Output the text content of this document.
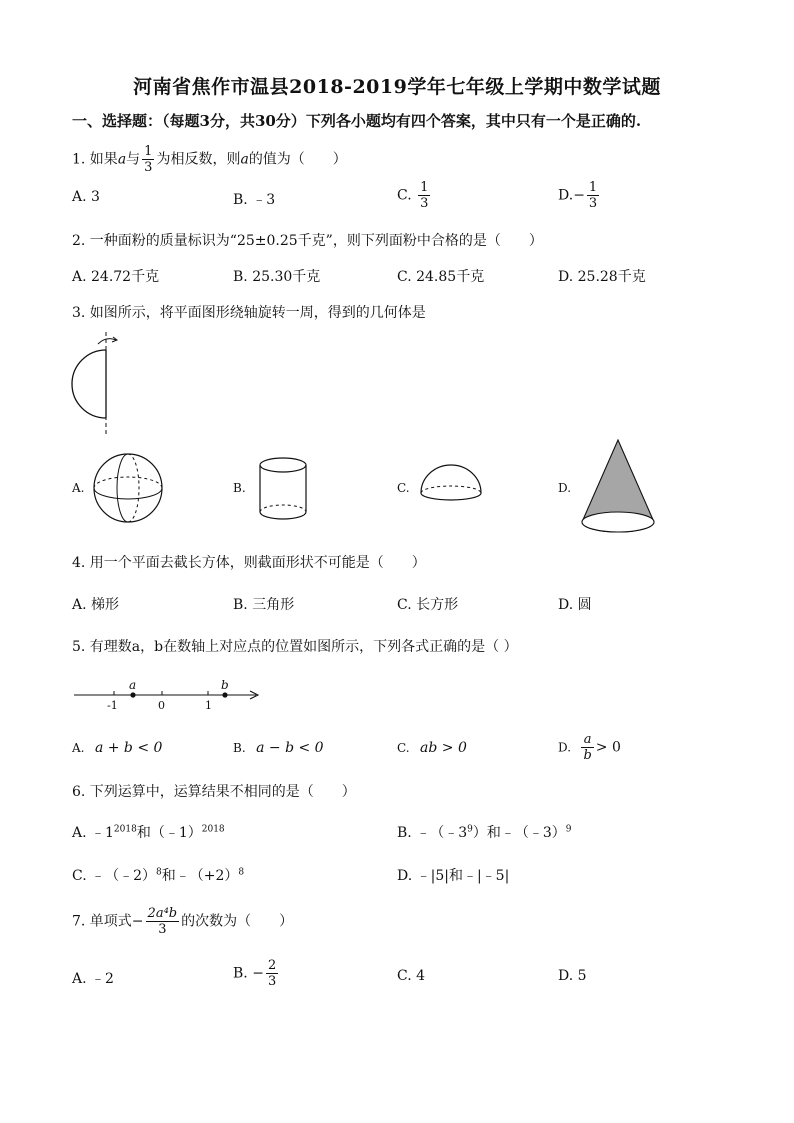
河南省焦作市温县2018-2019学年七年级上学期中数学试题
一、选择题：（每题3分，共30分）下列各小题均有四个答案，其中只有一个是正确的.
1. 如果a与 $\frac{1}{3}$ 为相反数，则a的值为（　　）
A. 3	B. ﹣3	C. $\frac{1}{3}$	$D.- \frac{1}{3}$
2. 一种面粉的质量标识为“25±0.25千克”，则下列面粉中合格的是（　　）
A. 24.72千克	B. 25.30千克	C. 24.85千克	D. 25.28千克
3. 如图所示，将平面图形绕轴旋转一周，得到的几何体是
A.	B.	C.	D.
4. 用一个平面去截长方体，则截面形状不可能是（　　）
A. 梯形	B. 三角形	C. 长方形	D. 圆
5. 有理数a，b在数轴上对应点的位置如图所示，下列各式正确的是（ ）
a	b
-1	0	1
A. a + b < 0	B. a − b < 0	C. ab > 0	D. $\frac{a}{b} > 0$
6. 下列运算中，运算结果不相同的是（　　）
A. $﹣1^{2018}$和（﹣1）$^{2018}$	B. $﹣(﹣3^9)$和﹣（﹣3）$^9$
C. ﹣（﹣2）$^8$和$﹣(+2)^8$	D. ﹣|5|和﹣|﹣5|
7. 单项式− $\frac{\text{2a⁴b}}{3}$ 的次数为（　　）
A. ﹣2	B. − $\frac{2}{3}$	C. 4	D. 5
